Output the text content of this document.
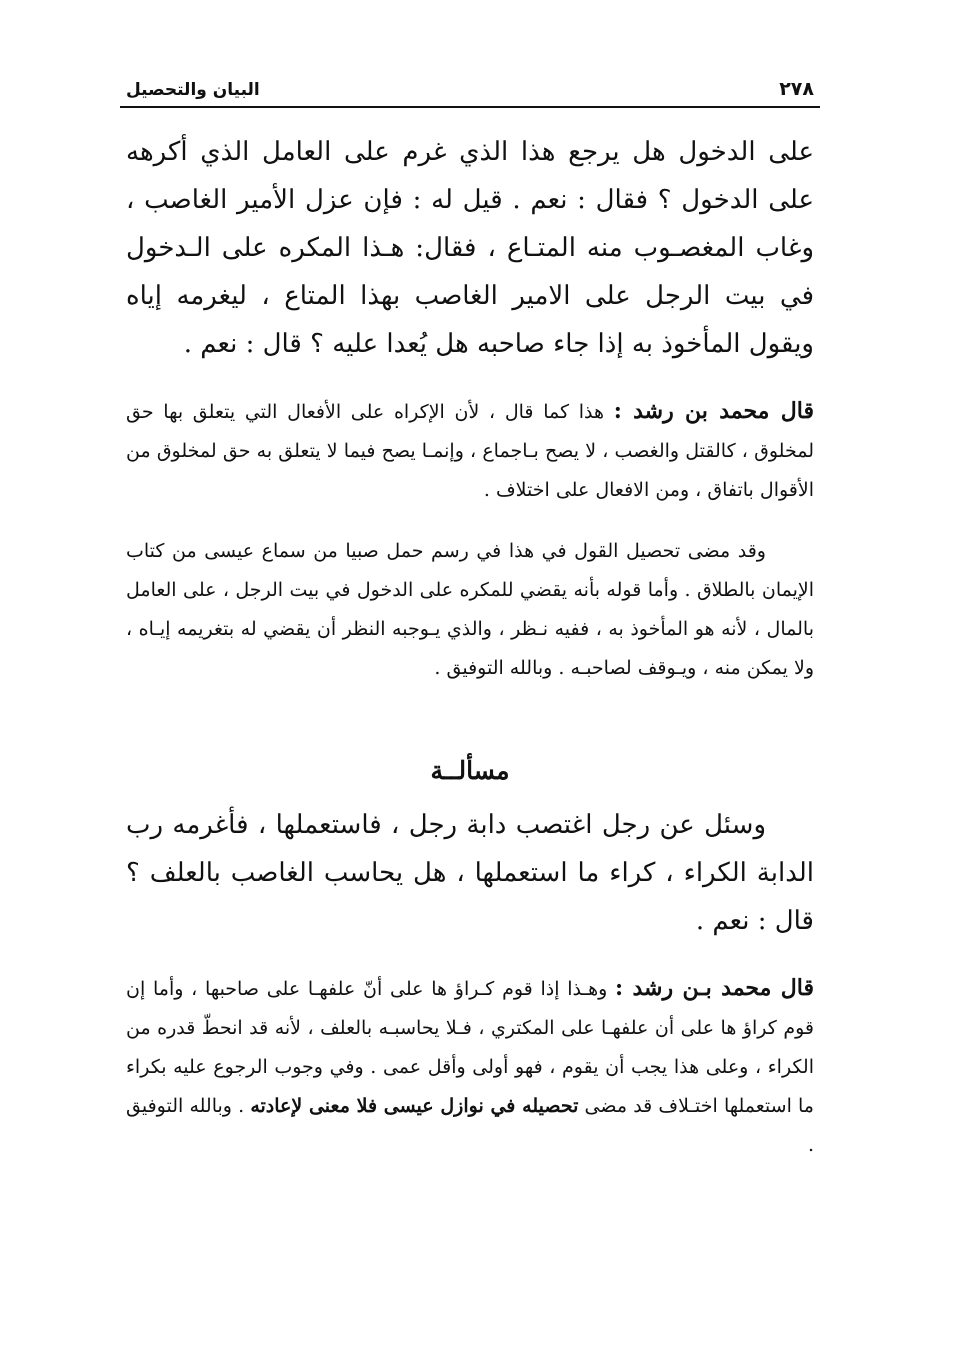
٢٧٨
البيان والتحصيل

على الدخول هل يرجع هذا الذي غرم على العامل الذي أكرهه على الدخول ؟ فقال : نعم . قيل له : فإن عزل الأمير الغاصب ، وغاب المغصـوب منه المتـاع ، فقال: هـذا المكره على الـدخول في بيت الرجل على الامير الغاصب بهذا المتاع ، ليغرمه إياه ويقول المأخوذ به إذا جاء صاحبه هل يُعدا عليه ؟ قال : نعم .

قال محمد بن رشد : هذا كما قال ، لأن الإكراه على الأفعال التي يتعلق بها حق لمخلوق ، كالقتل والغصب ، لا يصح بـاجماع ، وإنمـا يصح فيما لا يتعلق به حق لمخلوق من الأقوال باتفاق ، ومن الافعال على اختلاف .

وقد مضى تحصيل القول في هذا في رسم حمل صبيا من سماع عيسى من كتاب الإيمان بالطلاق . وأما قوله بأنه يقضي للمكره على الدخول في بيت الرجل ، على العامل بالمال ، لأنه هو المأخوذ به ، ففيه نـظر ، والذي يـوجبه النظر أن يقضي له بتغريمه إيـاه ، ولا يمكن منه ، ويـوقف لصاحبـه . وبالله التوفيق .

مسألــة

وسئل عن رجل اغتصب دابة رجل ، فاستعملها ، فأغرمه رب الدابة الكراء ، كراء ما استعملها ، هل يحاسب الغاصب بالعلف ؟ قال : نعم .

قال محمد بـن رشد : وهـذا إذا قوم كـراؤ ها على أنّ علفهـا على صاحبها ، وأما إن قوم كراؤ ها على أن علفهـا على المكتري ، فـلا يحاسبـه بالعلف ، لأنه قد انحطّ قدره من الكراء ، وعلى هذا يجب أن يقوم ، فهو أولى وأقل عمى . وفي وجوب الرجوع عليه بكراء ما استعملها اختـلاف قد مضى تحصيله في نوازل عيسى فلا معنى لإعادته . وبالله التوفيق .
